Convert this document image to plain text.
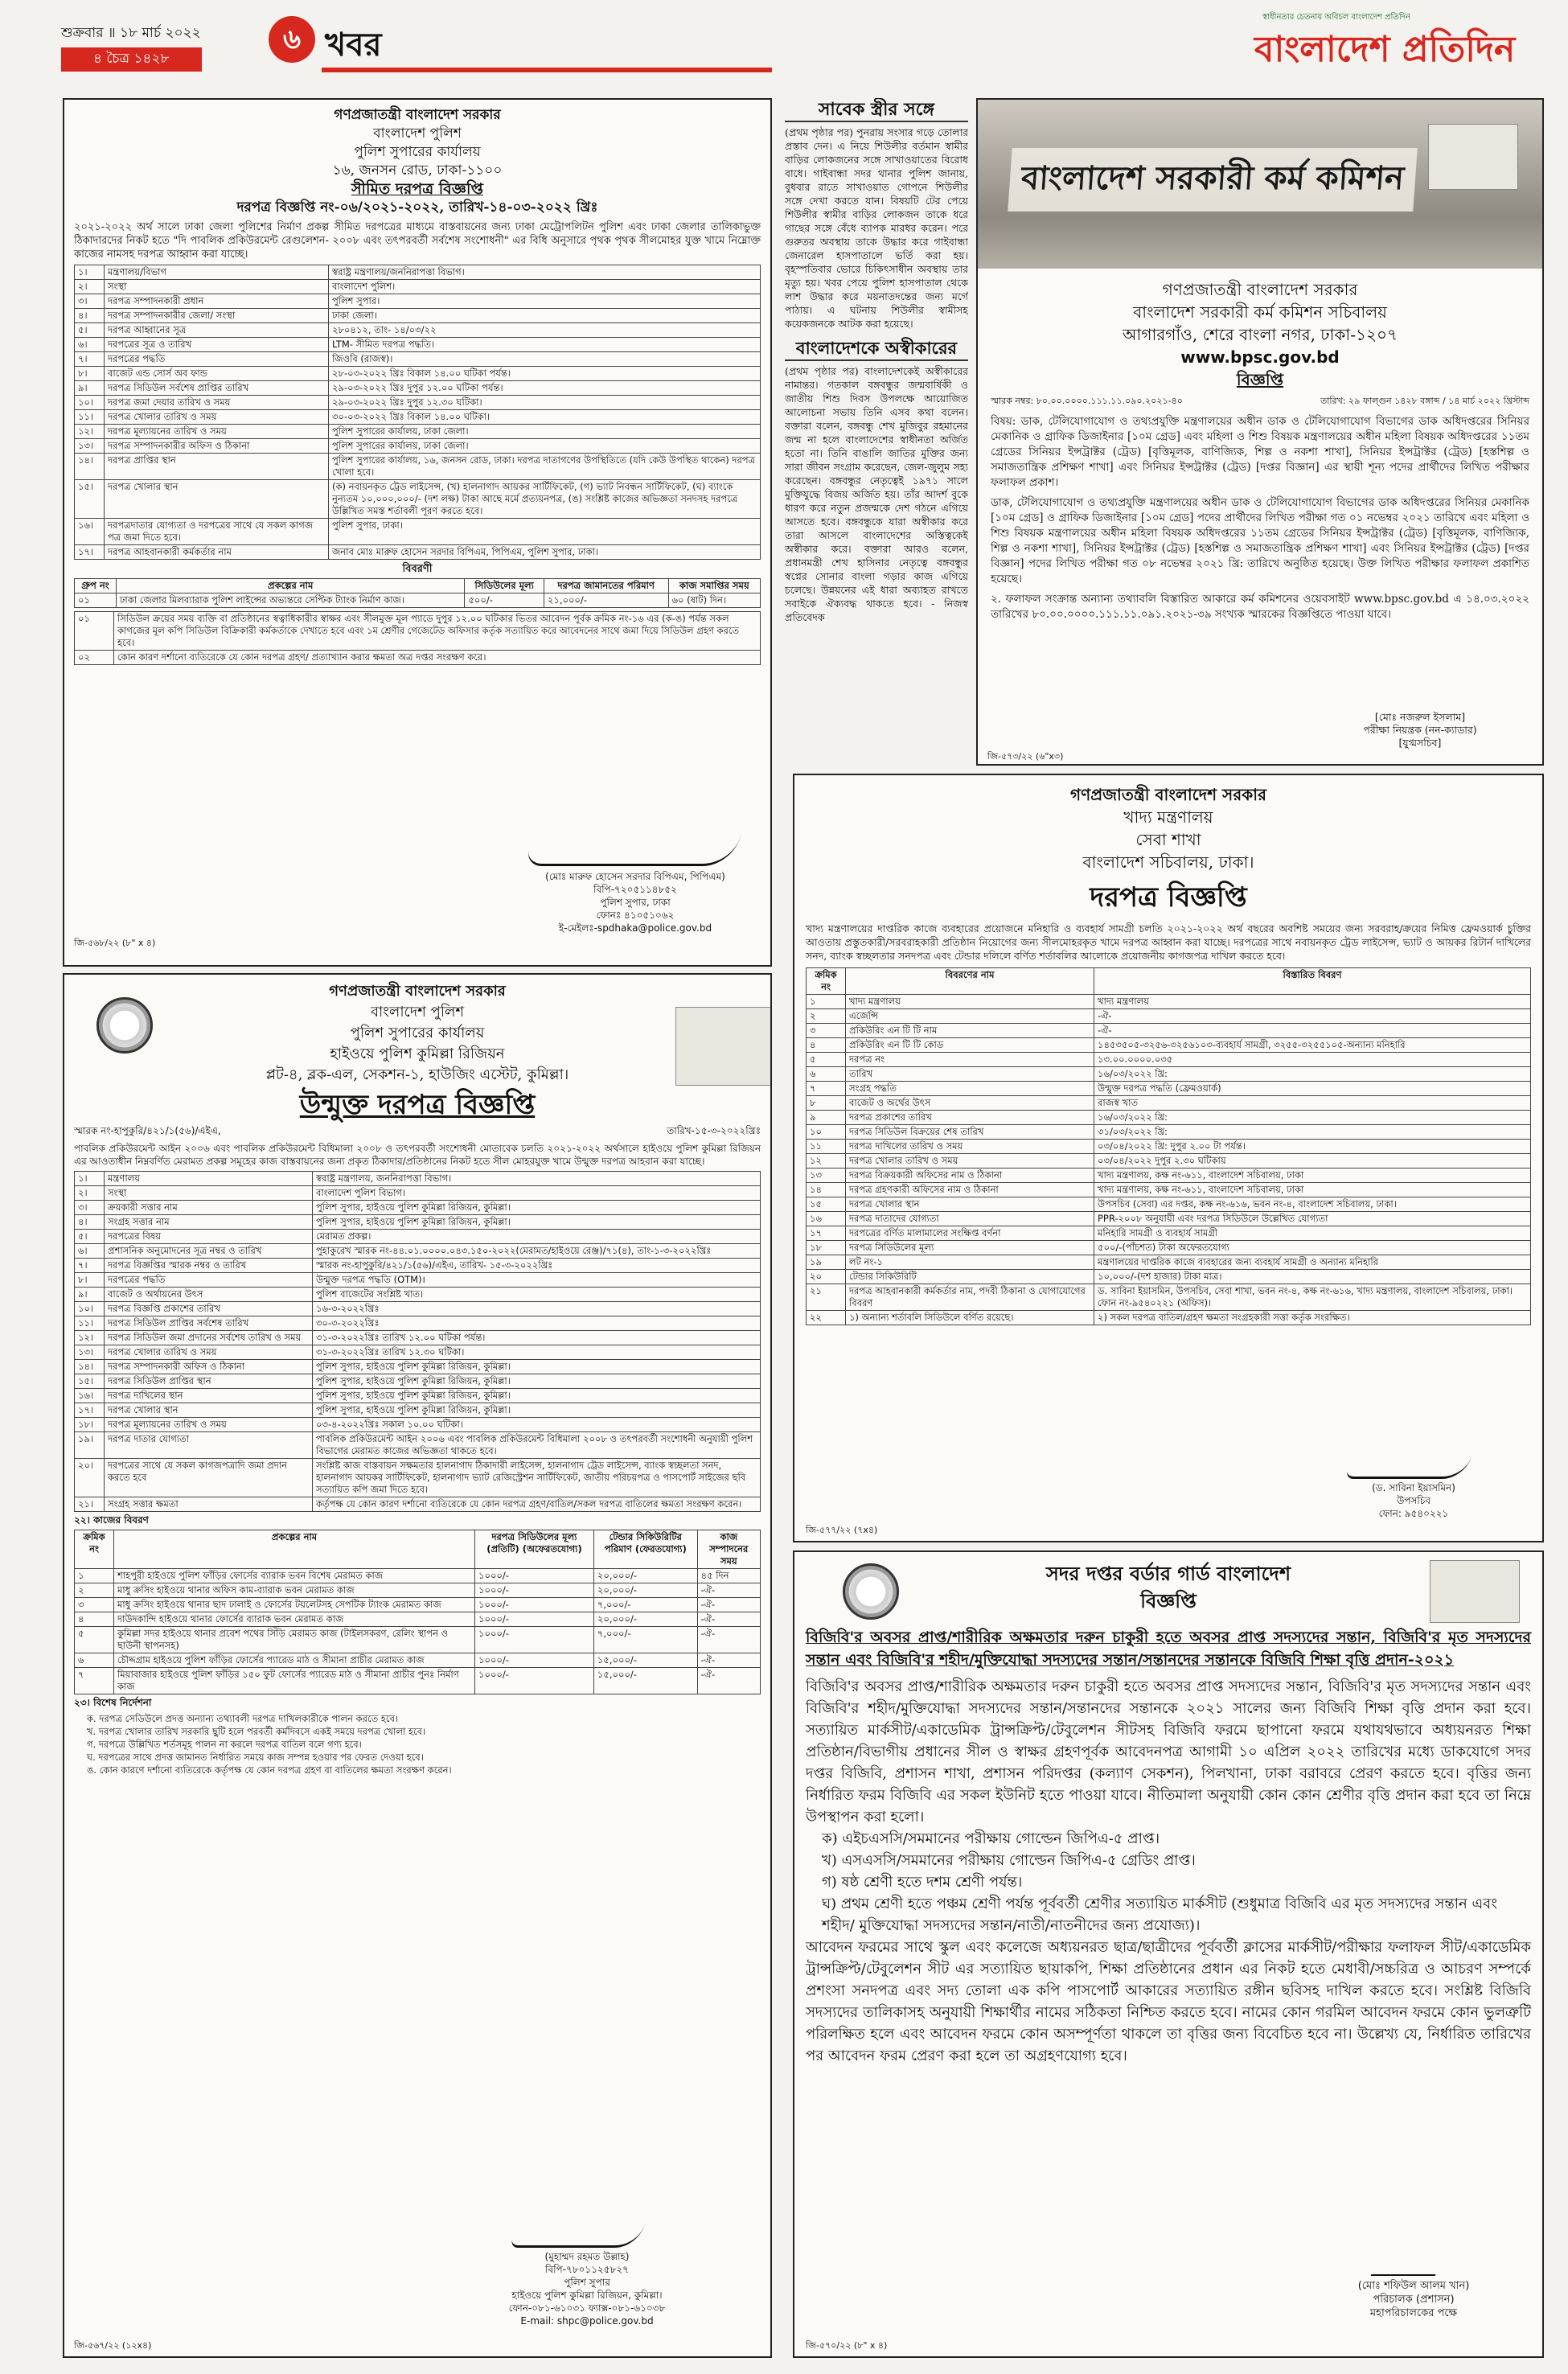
শুক্রবার ॥ ১৮ মার্চ ২০২২
৪ চৈত্র ১৪২৮
৬ খবর
স্বাধীনতার চেতনায় অবিচল বাংলাদেশ প্রতিদিন
বাংলাদেশ প্রতিদিন
গণপ্রজাতন্ত্রী বাংলাদেশ সরকার
বাংলাদেশ পুলিশ
পুলিশ সুপারের কার্যালয়
১৬, জনসন রোড, ঢাকা-১১০০
সীমিত দরপত্র বিজ্ঞপ্তি
দরপত্র বিজ্ঞপ্তি নং-০৬/২০২১-২০২২, তারিখ-১৪-০৩-২০২২ খ্রিঃ

২০২১-২০২২ অর্থ সালে ঢাকা জেলা পুলিশের নির্মাণ প্রকল্প সীমিত দরপত্রের মাধ্যমে বাস্তবায়নের জন্য ঢাকা মেট্রোপলিটন পুলিশ এবং ঢাকা জেলার তালিকাভুক্ত ঠিকাদারদের নিকট হতে "দি পাবলিক প্রকিউরমেন্ট রেগুলেশন- ২০০৮ এবং তৎপরবর্তী সর্বশেষ সংশোধনী" এর বিধি অনুসারে পৃথক পৃথক সীলমোহর যুক্ত খামে নিম্নোক্ত কাজের নামসহ দরপত্র আহ্বান করা যাচ্ছে।

১।	মন্ত্রণালয়/বিভাগ	স্বরাষ্ট্র মন্ত্রণালয়/জননিরাপত্তা বিভাগ।
২।	সংস্থা	বাংলাদেশ পুলিশ।
৩।	দরপত্র সম্পাদনকারী প্রধান	পুলিশ সুপার।
৪।	দরপত্র সম্পাদনকারীর জেলা/ সংস্থা	ঢাকা জেলা।
৫।	দরপত্র আহ্বানের সূত্র	২৮০৪১২, তাং- ১৪/০৩/২২
৬।	দরপত্রের সূত্র ও তারিখ	LTM- সীমিত দরপত্র পদ্ধতি।
৭।	দরপত্রের পদ্ধতি	জিওবি (রাজস্ব)।
৮।	বাজেট এন্ড সোর্স অব ফান্ড	২৮-০৩-২০২২ খ্রিঃ বিকাল ১৪.০০ ঘটিকা পর্যন্ত।
৯।	দরপত্র সিডিউল সর্বশেষ প্রাপ্তির তারিখ	২৯-০৩-২০২২ খ্রিঃ দুপুর ১২.০০ ঘটিকা পর্যন্ত।
১০।	দরপত্র জমা দেয়ার তারিখ ও সময়	২৯-০৩-২০২২ খ্রিঃ দুপুর ১২.৩০ ঘটিকা।
১১।	দরপত্র খোলার তারিখ ও সময়	৩০-০৩-২০২২ খ্রিঃ বিকাল ১৪.০০ ঘটিকা।
১২।	দরপত্র মূল্যায়নের তারিখ ও সময়	পুলিশ সুপারের কার্যালয়, ঢাকা জেলা।
১৩।	দরপত্র সম্পাদনকারীর অফিস ও ঠিকানা	পুলিশ সুপারের কার্যালয়, ঢাকা জেলা।
১৪।	দরপত্র প্রাপ্তির স্থান	পুলিশ সুপারের কার্যালয়, ১৬, জনসন রোড, ঢাকা। দরপত্র দাতাগণের উপস্থিতিতে (যদি কেউ উপস্থিত থাকেন) দরপত্র খোলা হবে।
১৫।	দরপত্র খোলার স্থান	(ক) নবায়নকৃত ট্রেড লাইসেন্স, (খ) হালনাগাদ আয়কর সার্টিফিকেট, (গ) ভ্যাট নিবন্ধন সার্টিফিকেট, (ঘ) ব্যাংকে নুন্যতম ১০,০০০,০০০/- (দশ লক্ষ) টাকা আছে মর্মে প্রত্যয়নপত্র, (ঙ) সংশ্লিষ্ট কাজের অভিজ্ঞতা সনদসহ দরপত্রে উল্লিখিত সমস্ত শর্তাবলী পূরণ করতে হবে।
১৬।	দরপত্রদাতার যোগ্যতা ও দরপত্রের সাথে যে সকল কাগজ পত্র জমা দিতে হবে।	পুলিশ সুপার, ঢাকা।
১৭।	দরপত্র আহবানকারী কর্মকর্তার নাম	জনাব মোঃ মারুফ হোসেন সরদার বিপিএম, পিপিএম, পুলিশ সুপার, ঢাকা।
বিবরণী
গ্রুপ নং	প্রকল্পের নাম	সিডিউলের মূল্য	দরপত্র জামানতের পরিমাণ	কাজ সমাপ্তির সময়
০১	ঢাকা জেলার মিলব্যারাক পুলিশ লাইন্সের অভ্যন্তরে সেপ্টিক ট্যাংক নির্মাণ কাজ।	৫০০/-	২১,০০০/-	৬০ (ষাট) দিন।
০১	সিডিউল ক্রয়ের সময় ব্যক্তি বা প্রতিষ্ঠানের স্বত্বাধিকারীর স্বাক্ষর এবং সীলমুক্ত মূল প্যাডে দুপুর ১২.০০ ঘটিকার ভিতর আবেদন পূর্বক ক্রমিক নং-১৬ এর (ক-ঙ) পর্যন্ত সকল কাগজের মূল কপি সিডিউল বিক্রিকারী কর্মকর্তাকে দেখাতে হবে এবং ১ম শ্রেণীর গেজেটেড অফিসার কর্তৃক সত্যায়িত করে আবেদনের সাথে জমা দিয়ে সিডিউল গ্রহণ করতে হবে।
০২	কোন কারণ দর্শানো ব্যতিরেকে যে কোন দরপত্র গ্রহণ/ প্রত্যাখ্যান করার ক্ষমতা অত্র দপ্তর সংরক্ষণ করে।
(মোঃ মারুফ হোসেন সরদার বিপিএম, পিপিএম)
বিপি-৭২০৫১১৪৮৫২
পুলিশ সুপার, ঢাকা
ফোনঃ ৪১০৫১০৬২
ই-মেইলঃ-spdhaka@police.gov.bd
জি-৫৬৮/২২ (৮" x ৪)
গণপ্রজাতন্ত্রী বাংলাদেশ সরকার
বাংলাদেশ পুলিশ
পুলিশ সুপারের কার্যালয়
হাইওয়ে পুলিশ কুমিল্লা রিজিয়ন
প্লট-৪, ব্লক-এল, সেকশন-১, হাউজিং এস্টেট, কুমিল্লা।
উন্মুক্ত দরপত্র বিজ্ঞপ্তি
স্মারক নং-হাপুকুরি/৪২১/১(৫৬)/এইএ,	তারিখ-১৫-৩-২০২২খ্রিঃ

পাবলিক প্রকিউরমেন্ট আইন ২০০৬ এবং পাবলিক প্রকিউরমেন্ট বিধিমালা ২০০৮ ও তৎপরবর্তী সংশোধনী মোতাবেক চলতি ২০২১-২০২২ অর্থসালে হাইওয়ে পুলিশ কুমিল্লা রিজিয়ন এর আওতাধীন নিম্নবর্ণিত মেরামত প্রকল্প সমূহের কাজ বাস্তবায়নের জন্য প্রকৃত ঠিকাদার/প্রতিষ্ঠানের নিকট হতে সীল মোহরযুক্ত খামে উন্মুক্ত দরপত্র আহবান করা যাচ্ছে।

১।	মন্ত্রণালয়	স্বরাষ্ট্র মন্ত্রণালয়, জননিরাপত্তা বিভাগ।
২।	সংস্থা	বাংলাদেশ পুলিশ বিভাগ।
৩।	ক্রয়কারী সত্তার নাম	পুলিশ সুপার, হাইওয়ে পুলিশ কুমিল্লা রিজিয়ন, কুমিল্লা।
৪।	সংগ্রহ সত্তার নাম	পুলিশ সুপার, হাইওয়ে পুলিশ কুমিল্লা রিজিয়ন, কুমিল্লা।
৫।	দরপত্রের বিষয়	মেরামত প্রকল্প।
৬।	প্রশাসনিক অনুমোদনের সূত্র নম্বর ও তারিখ	পুহাকুরেখ স্মারক নং-৪৪.০১.০০০০.০৪৩.১৫০-২০২২(মেরামত/হাইওয়ে রেঞ্জ)/৭১(৪), তাং-১-৩-২০২২খ্রিঃ
৭।	দরপত্র বিজ্ঞপ্তির স্মারক নম্বর ও তারিখ	স্মারক নং-হাপুকুরি/৪২১/১(৫৬)/এইএ, তারিখ- ১৫-৩-২০২২খ্রিঃ
৮।	দরপত্রের পদ্ধতি	উন্মুক্ত দরপত্র পদ্ধতি (OTM)।
৯।	বাজেট ও অর্থায়নের উৎস	পুলিশ বাজেটের সংশ্লিষ্ট খাত।
১০।	দরপত্র বিজ্ঞপ্তি প্রকাশের তারিখ	১৬-৩-২০২২খ্রিঃ
১১।	দরপত্র সিডিউল প্রাপ্তির সর্বশেষ তারিখ	৩০-৩-২০২২খ্রিঃ
১২।	দরপত্র সিডিউল জমা প্রদানের সর্বশেষ তারিখ ও সময়	৩১-৩-২০২২খ্রিঃ তারিখ ১২.০০ ঘটিকা পর্যন্ত।
১৩।	দরপত্র খোলার তারিখ ও সময়	৩১-৩-২০২২খ্রিঃ তারিখ ১২.৩০ ঘটিকা।
১৪।	দরপত্র সম্পাদনকারী অফিস ও ঠিকানা	পুলিশ সুপার, হাইওয়ে পুলিশ কুমিল্লা রিজিয়ন, কুমিল্লা।
১৫।	দরপত্র সিডিউল প্রাপ্তির স্থান	পুলিশ সুপার, হাইওয়ে পুলিশ কুমিল্লা রিজিয়ন, কুমিল্লা।
১৬।	দরপত্র দাখিলের স্থান	পুলিশ সুপার, হাইওয়ে পুলিশ কুমিল্লা রিজিয়ন, কুমিল্লা।
১৭।	দরপত্র খোলার স্থান	পুলিশ সুপার, হাইওয়ে পুলিশ কুমিল্লা রিজিয়ন, কুমিল্লা।
১৮।	দরপত্র মূল্যায়নের তারিখ ও সময়	০৩-৪-২০২২খ্রিঃ সকাল ১০.০০ ঘটিকা।
১৯।	দরপত্র দাতার যোগ্যতা	পাবলিক প্রকিউরমেন্ট আইন ২০০৬ এবং পাবলিক প্রকিউরমেন্ট বিধিমালা ২০০৮ ও তৎপরবর্তী সংশোধনী অনুযায়ী পুলিশ বিভাগের মেরামত কাজের অভিজ্ঞতা থাকতে হবে।
২০।	দরপত্রের সাথে যে সকল কাগজপত্রাদি জমা প্রদান করতে হবে	সংশ্লিষ্ট কাজ বাস্তবায়ন সক্ষমতার হালনাগাদ ঠিকাদারী লাইসেন্স, হালনাগাদ ট্রেড লাইসেন্স, ব্যাংক স্বচ্ছলতা সনদ, হালনাগাদ আয়কর সার্টিফিকেট, হালনাগাদ ভ্যাট রেজিস্ট্রেশন সার্টিফিকেট, জাতীয় পরিচয়পত্র ও পাসপোর্ট সাইজের ছবি সত্যায়িত কপি জমা দিতে হবে।
২১।	সংগ্রহ সত্তার ক্ষমতা	কর্তৃপক্ষ যে কোন কারণ দর্শানো ব্যতিরেকে যে কোন দরপত্র গ্রহণ/বাতিল/সকল দরপত্র বাতিলের ক্ষমতা সংরক্ষণ করেন।
২২। কাজের বিবরণ
ক্রমিক নং	প্রকল্পের নাম	দরপত্র সিডিউলের মূল্য (প্রতিটি) (অফেরতযোগ্য)	টেন্ডার সিকিউরিটির পরিমাণ (ফেরতযোগ্য)	কাজ সম্পাদনের সময়
১	শাহপুরী হাইওয়ে পুলিশ ফাঁড়ির ফোর্সের ব্যারাক ভবন বিশেষ মেরামত কাজ	১০০০/-	২০,০০০/-	৪৫ দিন
২	মাধু ক্রসিং হাইওয়ে থানার অফিস কাম-ব্যারাক ভবন মেরামত কাজ	১০০০/-	২০,০০০/-	-ঐ-
৩	মাধু ক্রসিং হাইওয়ে থানার ছাদ ঢালাই ও ফোর্সের টয়লেটসহ সেপটিক ট্যাংক মেরামত কাজ	১০০০/-	৭,০০০/-	-ঐ-
৪	দাউদকান্দি হাইওয়ে থানার ফোর্সের ব্যারাক ভবন মেরামত কাজ	১০০০/-	২০,০০০/-	-ঐ-
৫	কুমিল্লা সদর হাইওয়ে থানার প্রবেশ পথের সিঁড়ি মেরামত কাজ (টাইলসকরণ, রেলিং স্থাপন ও ছাউনী স্থাপনসহ)	১০০০/-	৭,০০০/-	-ঐ-
৬	চৌদ্দগ্রাম হাইওয়ে পুলিশ ফাঁড়ির ফোর্সের প্যারেড মাঠ ও সীমানা প্রাচীর মেরামত কাজ	১০০০/-	১৫,০০০/-	-ঐ-
৭	মিয়াবাজার হাইওয়ে পুলিশ ফাঁড়ির ১৫০ ফুট ফোর্সের প্যারেড মাঠ ও সীমানা প্রাচীর পুনঃ নির্মাণ কাজ	১০০০/-	১৫,০০০/-	-ঐ-
২৩। বিশেষ নির্দেশনা
ক. দরপত্র সেডিউলে প্রদত্ত অন্যান্য তথ্যাবলী দরপত্র দাখিলকারীকে পালন করতে হবে।
খ. দরপত্র খোলার তারিখ সরকারি ছুটি হলে পরবর্তী কর্মদিবসে একই সময়ে দরপত্র খোলা হবে।
গ. দরপত্রে উল্লিখিত শর্তসমূহ পালন না করলে দরপত্র বাতিল বলে গণ্য হবে।
ঘ. দরপত্রের সাথে প্রদত্ত জামানত নির্ধারিত সময়ে কাজ সম্পন্ন হওয়ার পর ফেরত দেওয়া হবে।
ঙ. কোন কারণে দর্শানো ব্যতিরেকে কর্তৃপক্ষ যে কোন দরপত্র গ্রহণ বা বাতিলের ক্ষমতা সংরক্ষণ করেন।
(মুহাম্মদ রহমত উল্লাহ)
বিপি-৭৮০১১২৫৮২৭
পুলিশ সুপার
হাইওয়ে পুলিশ কুমিল্লা রিজিয়ন, কুমিল্লা।
ফোন-০৮১-৬১০৩১ ফ্যাক্স-০৮১-৬১০৩৮
E-mail: shpc@police.gov.bd
জি-৫৬৭/২২ (১২x৪)
সাবেক স্ত্রীর সঙ্গে

(প্রথম পৃষ্ঠার পর) পুনরায় সংসার গড়ে তোলার প্রস্তাব দেন। এ নিয়ে শিউলীর বর্তমান স্বামীর বাড়ির লোকজনের সঙ্গে সাখাওয়াতের বিরোধ বাধে। গাইবান্ধা সদর থানার পুলিশ জানায়, বুধবার রাতে সাখাওয়াত গোপনে শিউলীর সঙ্গে দেখা করতে যান। বিষয়টি টের পেয়ে শিউলীর স্বামীর বাড়ির লোকজন তাকে ধরে গাছের সঙ্গে বেঁধে ব্যাপক মারধর করেন। পরে গুরুতর অবস্থায় তাকে উদ্ধার করে গাইবান্ধা জেনারেল হাসপাতালে ভর্তি করা হয়। বৃহস্পতিবার ভোরে চিকিৎসাধীন অবস্থায় তার মৃত্যু হয়। খবর পেয়ে পুলিশ হাসপাতাল থেকে লাশ উদ্ধার করে ময়নাতদন্তের জন্য মর্গে পাঠায়। এ ঘটনায় শিউলীর স্বামীসহ কয়েকজনকে আটক করা হয়েছে।

বাংলাদেশকে অস্বীকারের

(প্রথম পৃষ্ঠার পর) বাংলাদেশকেই অস্বীকারের নামান্তর। গতকাল বঙ্গবন্ধুর জন্মবার্ষিকী ও জাতীয় শিশু দিবস উপলক্ষে আয়োজিত আলোচনা সভায় তিনি এসব কথা বলেন। বক্তারা বলেন, বঙ্গবন্ধু শেখ মুজিবুর রহমানের জন্ম না হলে বাংলাদেশের স্বাধীনতা অর্জিত হতো না। তিনি বাঙালি জাতির মুক্তির জন্য সারা জীবন সংগ্রাম করেছেন, জেল-জুলুম সহ্য করেছেন। বঙ্গবন্ধুর নেতৃত্বেই ১৯৭১ সালে মুক্তিযুদ্ধে বিজয় অর্জিত হয়। তাঁর আদর্শ বুকে ধারণ করে নতুন প্রজন্মকে দেশ গঠনে এগিয়ে আসতে হবে। বঙ্গবন্ধুকে যারা অস্বীকার করে তারা আসলে বাংলাদেশের অস্তিত্বকেই অস্বীকার করে। বক্তারা আরও বলেন, প্রধানমন্ত্রী শেখ হাসিনার নেতৃত্বে বঙ্গবন্ধুর স্বপ্নের সোনার বাংলা গড়ার কাজ এগিয়ে চলেছে। উন্নয়নের এই ধারা অব্যাহত রাখতে সবাইকে ঐক্যবদ্ধ থাকতে হবে। - নিজস্ব প্রতিবেদক

বাংলাদেশ সরকারী কর্ম কমিশন
গণপ্রজাতন্ত্রী বাংলাদেশ সরকার
বাংলাদেশ সরকারী কর্ম কমিশন সচিবালয়
আগারগাঁও, শেরে বাংলা নগর, ঢাকা-১২০৭
www.bpsc.gov.bd
বিজ্ঞপ্তি
স্মারক নম্বর: ৮০.০০.০০০০.১১১.১১.০৯০.২০২১-৪০	তারিখ: ২৯ ফাল্গুন ১৪২৮ বঙ্গাব্দ / ১৪ মার্চ ২০২২ খ্রিস্টাব্দ

বিষয়: ডাক, টেলিযোগাযোগ ও তথ্যপ্রযুক্তি মন্ত্রণালয়ের অধীন ডাক ও টেলিযোগাযোগ বিভাগের ডাক অধিদপ্তরের সিনিয়র মেকানিক ও গ্রাফিক ডিজাইনার [১০ম গ্রেড] এবং মহিলা ও শিশু বিষয়ক মন্ত্রণালয়ের অধীন মহিলা বিষয়ক অধিদপ্তরের ১১তম গ্রেডের সিনিয়র ইন্সট্রাক্টর (ট্রেড) [বৃত্তিমূলক, বাণিজ্যিক, শিল্প ও নকশা শাখা], সিনিয়র ইন্সট্রাক্টর (ট্রেড) [হস্তশিল্প ও সমাজতান্ত্রিক প্রশিক্ষণ শাখা] এবং সিনিয়র ইন্সট্রাক্টর (ট্রেড) [দপ্তর বিজ্ঞান] এর স্থায়ী শূন্য পদের প্রার্থীদের লিখিত পরীক্ষার ফলাফল প্রকাশ।

ডাক, টেলিযোগাযোগ ও তথ্যপ্রযুক্তি মন্ত্রণালয়ের অধীন ডাক ও টেলিযোগাযোগ বিভাগের ডাক অধিদপ্তরের সিনিয়র মেকানিক [১০ম গ্রেড] ও গ্রাফিক ডিজাইনার [১০ম গ্রেড] পদের প্রার্থীদের লিখিত পরীক্ষা গত ০১ নভেম্বর ২০২১ তারিখে এবং মহিলা ও শিশু বিষয়ক মন্ত্রণালয়ের অধীন মহিলা বিষয়ক অধিদপ্তরের ১১তম গ্রেডের সিনিয়র ইন্সট্রাক্টর (ট্রেড) [বৃত্তিমূলক, বাণিজ্যিক, শিল্প ও নকশা শাখা], সিনিয়র ইন্সট্রাক্টর (ট্রেড) [হস্তশিল্প ও সমাজতান্ত্রিক প্রশিক্ষণ শাখা] এবং সিনিয়র ইন্সট্রাক্টর (ট্রেড) [দপ্তর বিজ্ঞান] পদের লিখিত পরীক্ষা গত ০৮ নভেম্বর ২০২১ খ্রি: তারিখে অনুষ্ঠিত হয়েছে। উক্ত লিখিত পরীক্ষার ফলাফল প্রকাশিত হয়েছে।

২. ফলাফল সংক্রান্ত অন্যান্য তথ্যাবলি বিস্তারিত আকারে কর্ম কমিশনের ওয়েবসাইট www.bpsc.gov.bd এ ১৪.০৩.২০২২ তারিখের ৮০.০০.০০০০.১১১.১১.০৯১.২০২১-৩৯ সংখ্যক স্মারকের বিজ্ঞপ্তিতে পাওয়া যাবে।

[মোঃ নজরুল ইসলাম]
পরীক্ষা নিয়ন্ত্রক (নন-ক্যাডার)
[যুগ্মসচিব]
জি-৫৭৩/২২ (৬"x৩)
গণপ্রজাতন্ত্রী বাংলাদেশ সরকার
খাদ্য মন্ত্রণালয়
সেবা শাখা
বাংলাদেশ সচিবালয়, ঢাকা।
দরপত্র বিজ্ঞপ্তি

খাদ্য মন্ত্রণালয়ের দাপ্তরিক কাজে ব্যবহারের প্রয়োজনে মনিহারি ও ব্যবহার্য সামগ্রী চলতি ২০২১-২০২২ অর্থ বছরের অবশিষ্ট সময়ের জন্য সরবরাহ/ক্রয়ের নিমিত্ত ফ্রেমওয়ার্ক চুক্তির আওতায় প্রস্তুতকারী/সরবরাহকারী প্রতিষ্ঠান নিয়োগের জন্য সীলমোহরকৃত খামে দরপত্র আহ্বান করা যাচ্ছে। দরপত্রের সাথে নবায়নকৃত ট্রেড লাইসেন্স, ভ্যাট ও আয়কর রিটার্ন দাখিলের সনদ, ব্যাংক স্বচ্ছলতার সনদপত্র এবং টেন্ডার দলিলে বর্ণিত শর্তাবলির আলোকে প্রয়োজনীয় কাগজপত্র দাখিল করতে হবে।

ক্রমিক নং	বিবরণের নাম	বিস্তারিত বিবরণ
১	খাদ্য মন্ত্রণালয়	খাদ্য মন্ত্রণালয়
২	এজেন্সি	-ঐ-
৩	প্রকিউরিং এন টি টি নাম	-ঐ-
৪	প্রকিউরিং এন টি টি কোড	১৪৫৩৫০৫-৩২৫৬-৩২৫৬১০৩-ব্যবহার্য সামগ্রী, ৩২৫৫-৩২৫৫১০৫-অন্যান্য মনিহারি
৫	দরপত্র নং	১৩.০০.০০০০.০৩৫
৬	তারিখ	১৬/০৩/২০২২ খ্রি:
৭	সংগ্রহ পদ্ধতি	উন্মুক্ত দরপত্র পদ্ধতি (ফ্রেমওয়ার্ক)
৮	বাজেট ও অর্থের উৎস	রাজস্ব খাত
৯	দরপত্র প্রকাশের তারিখ	১৬/০৩/২০২২ খ্রি:
১০	দরপত্র সিডিউল বিক্রয়ের শেষ তারিখ	৩১/০৩/২০২২ খ্রি:
১১	দরপত্র দাখিলের তারিখ ও সময়	০৩/০৪/২০২২ খ্রি: দুপুর ২.০০ টা পর্যন্ত।
১২	দরপত্র খোলার তারিখ ও সময়	০৩/০৪/২০২২ দুপুর ২.৩০ ঘটিকায়
১৩	দরপত্র বিক্রয়কারী অফিসের নাম ও ঠিকানা	খাদ্য মন্ত্রণালয়, কক্ষ নং-৬১১, বাংলাদেশ সচিবালয়, ঢাকা
১৪	দরপত্র গ্রহণকারী অফিসের নাম ও ঠিকানা	খাদ্য মন্ত্রণালয়, কক্ষ নং-৬১১, বাংলাদেশ সচিবালয়, ঢাকা
১৫	দরপত্র খোলার স্থান	উপসচিব (সেবা) এর দপ্তর, কক্ষ নং-৬১৬, ভবন নং-৪, বাংলাদেশ সচিবালয়, ঢাকা।
১৬	দরপত্র দাতাদের যোগ্যতা	PPR-২০০৮ অনুযায়ী এবং দরপত্র সিডিউলে উল্লেখিত যোগ্যতা
১৭	দরপত্রের বর্ণিত মালামালের সংক্ষিপ্ত বর্ণনা	মনিহারি সামগ্রী ও ব্যবহার্য সামগ্রী
১৮	দরপত্র সিডিউলের মূল্য	৫০০/-(পাঁচশত) টাকা অফেরতযোগ্য
১৯	লট নং-১	মন্ত্রণালয়ের দাপ্তরিক কাজে ব্যবহারের জন্য ব্যবহার্য সামগ্রী ও অন্যান্য মনিহারি
২০	টেন্ডার সিকিউরিটি	১০,০০০/-(দশ হাজার) টাকা মাত্র।
২১	দরপত্র আহবানকারী কর্মকর্তার নাম, পদবী ঠিকানা ও যোগাযোগের বিবরণ	ড. সাবিনা ইয়াসমিন, উপসচিব, সেবা শাখা, ভবন নং-৪, কক্ষ নং-৬১৬, খাদ্য মন্ত্রণালয়, বাংলাদেশ সচিবালয়, ঢাকা। ফোন নং-৯৫৪০২২১ (অফিস)।
২২	১) অন্যান্য শর্তাবলি সিডিউলে বর্ণিত রয়েছে।	২) সকল দরপত্র বাতিল/গ্রহণ ক্ষমতা সংগ্রহকারী সত্তা কর্তৃক সংরক্ষিত।
(ড. সাবিনা ইয়াসমিন)
উপসচিব
ফোন: ৯৫৪০২২১
জি-৫৭৭/২২ (৭x৪)
সদর দপ্তর বর্ডার গার্ড বাংলাদেশ
বিজ্ঞপ্তি

বিজিবি'র অবসর প্রাপ্ত/শারীরিক অক্ষমতার দরুন চাকুরী হতে অবসর প্রাপ্ত সদস্যদের সন্তান, বিজিবি'র মৃত সদস্যদের সন্তান এবং বিজিবি'র শহীদ/মুক্তিযোদ্ধা সদস্যদের সন্তান/সন্তানদের সন্তানকে বিজিবি শিক্ষা বৃত্তি প্রদান-২০২১

বিজিবি'র অবসর প্রাপ্ত/শারীরিক অক্ষমতার দরুন চাকুরী হতে অবসর প্রাপ্ত সদস্যদের সন্তান, বিজিবি'র মৃত সদস্যদের সন্তান এবং বিজিবি'র শহীদ/মুক্তিযোদ্ধা সদস্যদের সন্তান/সন্তানদের সন্তানকে ২০২১ সালের জন্য বিজিবি শিক্ষা বৃত্তি প্রদান করা হবে। সত্যায়িত মার্কসীট/একাডেমিক ট্রান্সক্রিপ্ট/টেবুলেশন সীটসহ বিজিবি ফরমে ছাপানো ফরমে যথাযথভাবে অধ্যয়নরত শিক্ষা প্রতিষ্ঠান/বিভাগীয় প্রধানের সীল ও স্বাক্ষর গ্রহণপূর্বক আবেদনপত্র আগামী ১০ এপ্রিল ২০২২ তারিখের মধ্যে ডাকযোগে সদর দপ্তর বিজিবি, প্রশাসন শাখা, প্রশাসন পরিদপ্তর (কল্যাণ সেকশন), পিলখানা, ঢাকা বরাবরে প্রেরণ করতে হবে। বৃত্তির জন্য নির্ধারিত ফরম বিজিবি এর সকল ইউনিট হতে পাওয়া যাবে। নীতিমালা অনুযায়ী কোন কোন শ্রেণীর বৃত্তি প্রদান করা হবে তা নিম্নে উপস্থাপন করা হলো।

ক) এইচএসসি/সমমানের পরীক্ষায় গোল্ডেন জিপিএ-৫ প্রাপ্ত।
খ) এসএসসি/সমমানের পরীক্ষায় গোল্ডেন জিপিএ-৫ গ্রেডিং প্রাপ্ত।
গ) ষষ্ঠ শ্রেণী হতে দশম শ্রেণী পর্যন্ত।
ঘ) প্রথম শ্রেণী হতে পঞ্চম শ্রেণী পর্যন্ত পূর্ববর্তী শ্রেণীর সত্যায়িত মার্কসীট (শুধুমাত্র বিজিবি এর মৃত সদস্যদের সন্তান এবং শহীদ/ মুক্তিযোদ্ধা সদস্যদের সন্তান/নাতী/নাতনীদের জন্য প্রযোজ্য)।

আবেদন ফরমের সাথে স্কুল এবং কলেজে অধ্যয়নরত ছাত্র/ছাত্রীদের পূর্ববর্তী ক্লাসের মার্কসীট/পরীক্ষার ফলাফল সীট/একাডেমিক ট্রান্সক্রিপ্ট/টেবুলেশন সীট এর সত্যায়িত ছায়াকপি, শিক্ষা প্রতিষ্ঠানের প্রধান এর নিকট হতে মেধাবী/সচ্চরিত্র ও আচরণ সম্পর্কে প্রশংসা সনদপত্র এবং সদ্য তোলা এক কপি পাসপোর্ট আকারের সত্যায়িত রঙ্গীন ছবিসহ দাখিল করতে হবে। সংশ্লিষ্ট বিজিবি সদস্যদের তালিকাসহ অনুযায়ী শিক্ষার্থীর নামের সঠিকতা নিশ্চিত করতে হবে। নামের কোন গরমিল আবেদন ফরমে কোন ভুলত্রুটি পরিলক্ষিত হলে এবং আবেদন ফরমে কোন অসম্পূর্ণতা থাকলে তা বৃত্তির জন্য বিবেচিত হবে না। উল্লেখ্য যে, নির্ধারিত তারিখের পর আবেদন ফরম প্রেরণ করা হলে তা অগ্রহণযোগ্য হবে।

(মোঃ শফিউল আলম খান)
পরিচালক (প্রশাসন)
মহাপরিচালকের পক্ষে
জি-৫৭০/২২ (৮" x ৪)
